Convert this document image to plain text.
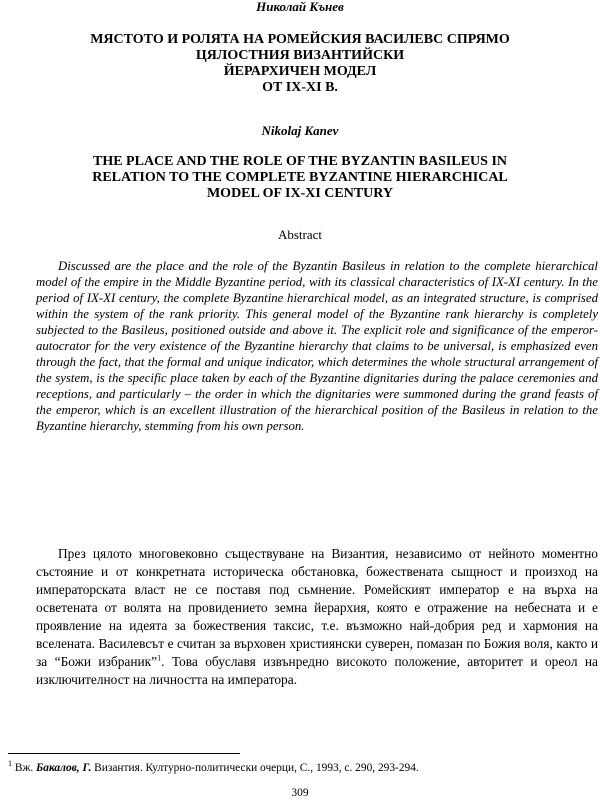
Николай Кънев
МЯСТОТО И РОЛЯТА НА РОМЕЙСКИЯ ВАСИЛЕВС СПРЯМО
ЦЯЛОСТНИЯ ВИЗАНТИЙСКИ
ЙЕРАРХИЧЕН МОДЕЛ
ОТ IX-XI В.
Nikolaj Kanev
THE PLACE AND THE ROLE OF THE BYZANTIN BASILEUS IN
RELATION TO THE COMPLETE BYZANTINE HIERARCHICAL
MODEL OF IX-XI CENTURY
Abstract

Discussed are the place and the role of the Byzantin Basileus in relation to the complete hierarchical model of the empire in the Middle Byzantine period, with its classical characteristics of IX-XI century. In the period of IX-XI century, the complete Byzantine hierarchical model, as an integrated structure, is comprised within the system of the rank priority. This general model of the Byzantine rank hierarchy is completely subjected to the Basileus, positioned outside and above it. The explicit role and significance of the emperor-autocrator for the very existence of the Byzantine hierarchy that claims to be universal, is emphasized even through the fact, that the formal and unique indicator, which determines the whole structural arrangement of the system, is the specific place taken by each of the Byzantine dignitaries during the palace ceremonies and receptions, and particularly – the order in which the dignitaries were summoned during the grand feasts of the emperor, which is an excellent illustration of the hierarchical position of the Basileus in relation to the Byzantine hierarchy, stemming from his own person.

През цялото многовековно съществуване на Византия, независимо от нейното моментно състояние и от конкретната историческа обстановка, божествената сыщност и произход на императорската власт не се поставя под сьмнение. Ромейският император е на върха на осветената от волята на провидението земна йерархия, която е отражение на небесната и е проявление на идеята за божествения таксис, т.е. възможно най-добрия ред и хармония на вселената. Василевсът е считан за върховен християнски суверен, помазан по Божия воля, както и за “Божи избраник”$^1$. Това обуславя извънредно високото положение, авторитет и ореол на изключителност на личността на императора.

$^1$ Вж. Бакалов, Г. Византия. Културно-политически очерци, С., 1993, с. 290, 293-294.
309
